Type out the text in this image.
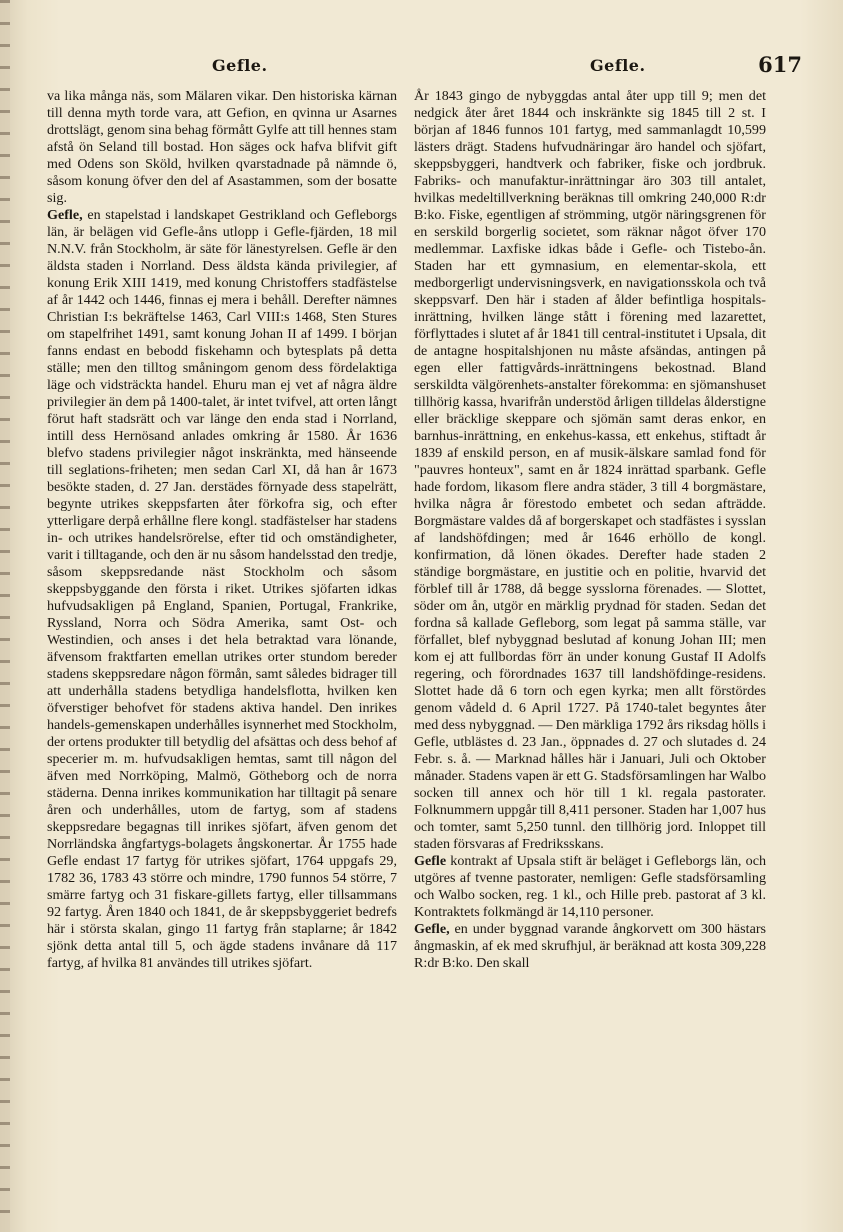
Gefle.	Gefle.	617

va lika många näs, som Mälaren vikar. Den historiska kärnan till denna myth torde vara, att Gefion, en qvinna ur Asarnes drottslägt, genom sina behag förmått Gylfe att till hennes stam afstå ön Seland till bostad. Hon säges ock hafva blifvit gift med Odens son Sköld, hvilken qvarstadnade på nämnde ö, såsom konung öfver den del af Asastammen, som der bosatte sig.

Gefle, en stapelstad i landskapet Gestrikland och Gefleborgs län, är belägen vid Gefle-åns utlopp i Gefle-fjärden, 18 mil N.N.V. från Stockholm, är säte för länestyrelsen. Gefle är den äldsta staden i Norrland. Dess äldsta kända privilegier, af konung Erik XIII 1419, med konung Christoffers stadfästelse af år 1442 och 1446, finnas ej mera i behåll. Derefter nämnes Christian I:s bekräftelse 1463, Carl VIII:s 1468, Sten Stures om stapelfrihet 1491, samt konung Johan II af 1499. I början fanns endast en bebodd fiskehamn och bytesplats på detta ställe; men den tilltog småningom genom dess fördelaktiga läge och vidsträckta handel. Ehuru man ej vet af några äldre privilegier än dem på 1400-talet, är intet tvifvel, att orten långt förut haft stadsrätt och var länge den enda stad i Norrland, intill dess Hernösand anlades omkring år 1580. År 1636 blefvo stadens privilegier något inskränkta, med hänseende till seglations-friheten; men sedan Carl XI, då han år 1673 besökte staden, d. 27 Jan. derstädes förnyade dess stapelrätt, begynte utrikes skeppsfarten åter förkofra sig, och efter ytterligare derpå erhållne flere kongl. stadfästelser har stadens in- och utrikes handelsrörelse, efter tid och omständigheter, varit i tilltagande, och den är nu såsom handelsstad den tredje, såsom skeppsredande näst Stockholm och såsom skeppsbyggande den första i riket. Utrikes sjöfarten idkas hufvudsakligen på England, Spanien, Portugal, Frankrike, Ryssland, Norra och Södra Amerika, samt Ost- och Westindien, och anses i det hela betraktad vara lönande, äfvensom fraktfarten emellan utrikes orter stundom bereder stadens skeppsredare någon förmån, samt således bidrager till att underhålla stadens betydliga handelsflotta, hvilken ken öfverstiger behofvet för stadens aktiva handel. Den inrikes handels-gemenskapen underhålles isynnerhet med Stockholm, der ortens produkter till betydlig del afsättas och dess behof af specerier m. m. hufvudsakligen hemtas, samt till någon del äfven med Norrköping, Malmö, Götheborg och de norra städerna. Denna inrikes kommunikation har tilltagit på senare åren och underhålles, utom de fartyg, som af stadens skeppsredare begagnas till inrikes sjöfart, äfven genom det Norrländska ångfartygs-bolagets ångskonertar. År 1755 hade Gefle endast 17 fartyg för utrikes sjöfart, 1764 uppgafs 29, 1782 36, 1783 43 större och mindre, 1790 funnos 54 större, 7 smärre fartyg och 31 fiskare-gillets fartyg, eller tillsammans 92 fartyg. Åren 1840 och 1841, de år skeppsbyggeriet bedrefs här i största skalan, gingo 11 fartyg från staplarne; år 1842 sjönk detta antal till 5, och ägde stadens invånare då 117 fartyg, af hvilka 81 användes till utrikes sjöfart.

År 1843 gingo de nybyggdas antal åter upp till 9; men det nedgick åter året 1844 och inskränkte sig 1845 till 2 st. I början af 1846 funnos 101 fartyg, med sammanlagdt 10,599 lästers drägt. Stadens hufvudnäringar äro handel och sjöfart, skeppsbyggeri, handtverk och fabriker, fiske och jordbruk. Fabriks- och manufaktur-inrättningar äro 303 till antalet, hvilkas medeltillverkning beräknas till omkring 240,000 R:dr B:ko. Fiske, egentligen af strömming, utgör näringsgrenen för en serskild borgerlig societet, som räknar något öfver 170 medlemmar. Laxfiske idkas både i Gefle- och Tistebo-ån. Staden har ett gymnasium, en elementar-skola, ett medborgerligt undervisningsverk, en navigationsskola och två skeppsvarf. Den här i staden af ålder befintliga hospitals-inrättning, hvilken länge stått i förening med lazarettet, förflyttades i slutet af år 1841 till central-institutet i Upsala, dit de antagne hospitalshjonen nu måste afsändas, antingen på egen eller fattigvårds-inrättningens bekostnad. Bland serskildta välgörenhets-anstalter förekomma: en sjömanshuset tillhörig kassa, hvarifrån understöd årligen tilldelas ålderstigne eller bräcklige skeppare och sjömän samt deras enkor, en barnhus-inrättning, en enkehus-kassa, ett enkehus, stiftadt år 1839 af enskild person, en af musik-älskare samlad fond för "pauvres honteux", samt en år 1824 inrättad sparbank. Gefle hade fordom, likasom flere andra städer, 3 till 4 borgmästare, hvilka några år förestodo embetet och sedan afträdde. Borgmästare valdes då af borgerskapet och stadfästes i sysslan af landshöfdingen; med år 1646 erhöllo de kongl. konfirmation, då lönen ökades. Derefter hade staden 2 ständige borgmästare, en justitie och en politie, hvarvid det förblef till år 1788, då begge sysslorna förenades. — Slottet, söder om ån, utgör en märklig prydnad för staden. Sedan det fordna så kallade Gefleborg, som legat på samma ställe, var förfallet, blef nybyggnad beslutad af konung Johan III; men kom ej att fullbordas förr än under konung Gustaf II Adolfs regering, och förordnades 1637 till landshöfdinge-residens. Slottet hade då 6 torn och egen kyrka; men allt förstördes genom vådeld d. 6 April 1727. På 1740-talet begyntes åter med dess nybyggnad. — Den märkliga 1792 års riksdag hölls i Gefle, utblästes d. 23 Jan., öppnades d. 27 och slutades d. 24 Febr. s. å. — Marknad hålles här i Januari, Juli och Oktober månader. Stadens vapen är ett G. Stadsförsamlingen har Walbo socken till annex och hör till 1 kl. regala pastorater. Folknummern uppgår till 8,411 personer. Staden har 1,007 hus och tomter, samt 5,250 tunnl. den tillhörig jord. Inloppet till staden försvaras af Fredriksskans.

Gefle kontrakt af Upsala stift är beläget i Gefleborgs län, och utgöres af tvenne pastorater, nemligen: Gefle stadsförsamling och Walbo socken, reg. 1 kl., och Hille preb. pastorat af 3 kl. Kontraktets folkmängd är 14,110 personer.

Gefle, en under byggnad varande ångkorvett om 300 hästars ångmaskin, af ek med skrufhjul, är beräknad att kosta 309,228 R:dr B:ko. Den skall
